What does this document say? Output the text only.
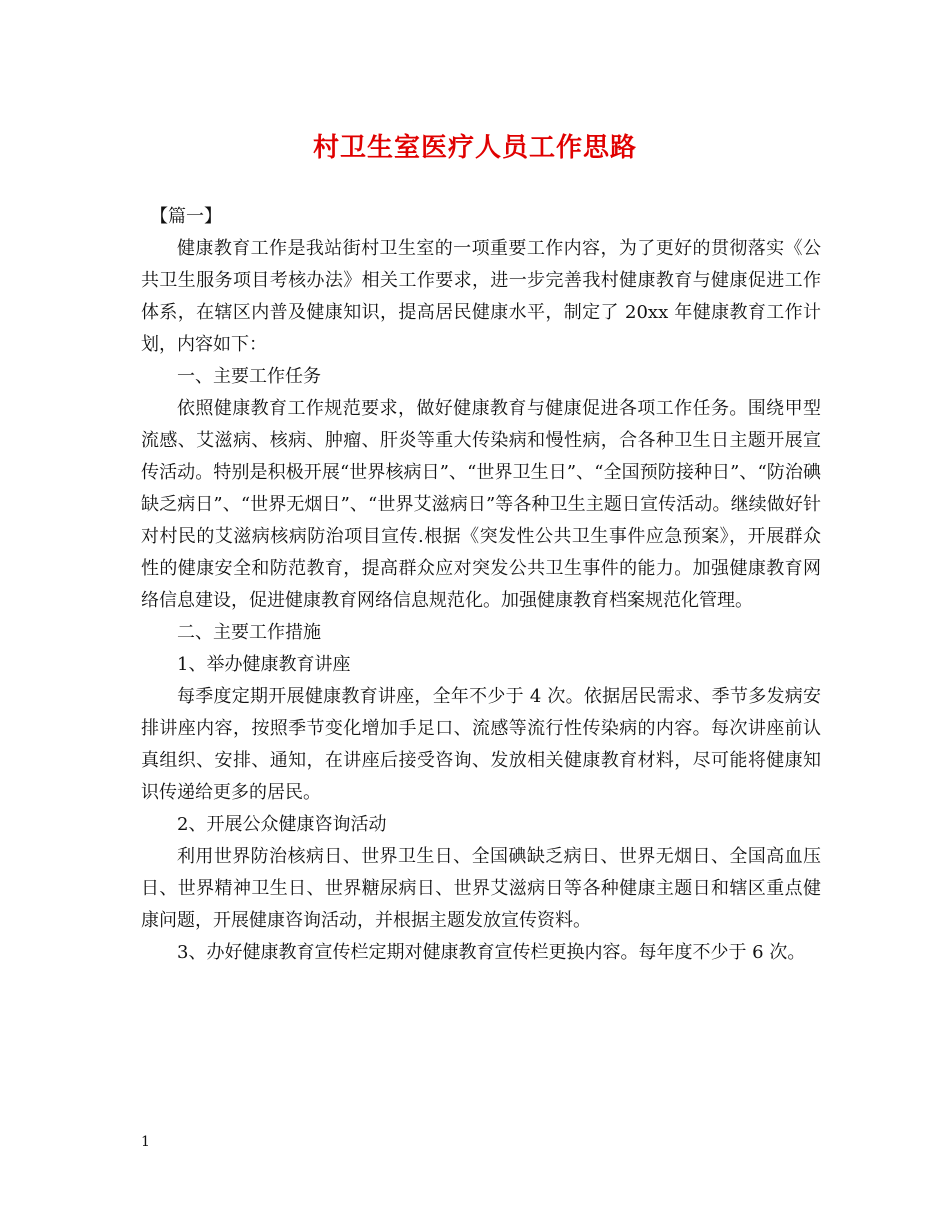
村卫生室医疗人员工作思路

【篇一】

健康教育工作是我站街村卫生室的一项重要工作内容，为了更好的贯彻落实《公共卫生服务项目考核办法》相关工作要求，进一步完善我村健康教育与健康促进工作体系，在辖区内普及健康知识，提高居民健康水平，制定了 20xx 年健康教育工作计划，内容如下：

一、主要工作任务

依照健康教育工作规范要求，做好健康教育与健康促进各项工作任务。围绕甲型流感、艾滋病、核病、肿瘤、肝炎等重大传染病和慢性病，合各种卫生日主题开展宣传活动。特别是积极开展“世界核病日”、“世界卫生日”、“全国预防接种日”、“防治碘缺乏病日”、“世界无烟日”、“世界艾滋病日”等各种卫生主题日宣传活动。继续做好针对村民的艾滋病核病防治项目宣传.根据《突发性公共卫生事件应急预案》，开展群众性的健康安全和防范教育，提高群众应对突发公共卫生事件的能力。加强健康教育网络信息建设，促进健康教育网络信息规范化。加强健康教育档案规范化管理。

二、主要工作措施

1、举办健康教育讲座

每季度定期开展健康教育讲座，全年不少于 4 次。依据居民需求、季节多发病安排讲座内容，按照季节变化增加手足口、流感等流行性传染病的内容。每次讲座前认真组织、安排、通知，在讲座后接受咨询、发放相关健康教育材料，尽可能将健康知识传递给更多的居民。

2、开展公众健康咨询活动

利用世界防治核病日、世界卫生日、全国碘缺乏病日、世界无烟日、全国高血压日、世界精神卫生日、世界糖尿病日、世界艾滋病日等各种健康主题日和辖区重点健康问题，开展健康咨询活动，并根据主题发放宣传资料。

3、办好健康教育宣传栏定期对健康教育宣传栏更换内容。每年度不少于 6 次。

1
